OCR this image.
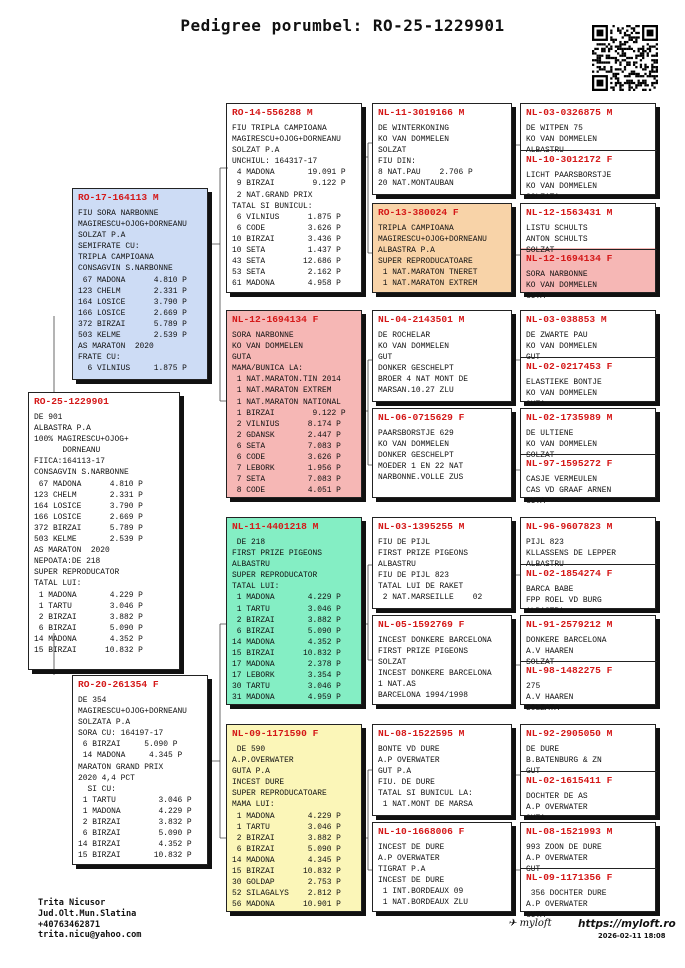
Pedigree porumbel: RO-25-1229901
RO-25-1229901
DE 901
ALBASTRA P.A
100% MAGIRESCU+OJOG+
DORNEANU
FIICA:164113-17
CONSAGVIN S.NARBONNE
67 MADONA      4.810 P
123 CHELM       2.331 P
164 LOSICE      3.790 P
166 LOSICE      2.669 P
372 BIRZAI      5.789 P
503 KELME       2.539 P
AS MARATON  2020
NEPOATA:DE 218
SUPER REPRODUCATOR
TATAL LUI:
1 MADONA       4.229 P
1 TARTU        3.046 P
2 BIRZAI       3.882 P
6 BIRZAI       5.090 P
14 MADONA       4.352 P
15 BIRZAI      10.832 P
RO-17-164113 M
FIU SORA NARBONNE
MAGIRESCU+OJOG+DORNEANU
SOLZAT P.A
SEMIFRATE CU:
TRIPLA CAMPIOANA
CONSAGVIN S.NARBONNE
67 MADONA      4.810 P
123 CHELM       2.331 P
164 LOSICE      3.790 P
166 LOSICE      2.669 P
372 BIRZAI      5.789 P
503 KELME       2.539 P
AS MARATON  2020
FRATE CU:
6 VILNIUS     1.875 P
RO-20-261354 F
DE 354
MAGIRESCU+OJOG+DORNEANU
SOLZATA P.A
SORA CU: 164197-17
6 BIRZAI     5.090 P
14 MADONA     4.345 P
MARATON GRAND PRIX
2020 4,4 PCT
SI CU:
1 TARTU         3.046 P
1 MADONA        4.229 P
2 BIRZAI        3.832 P
6 BIRZAI        5.090 P
14 BIRZAI        4.352 P
15 BIRZAI       10.832 P
RO-14-556288 M
FIU TRIPLA CAMPIOANA
MAGIRESCU+OJOG+DORNEANU
SOLZAT P.A
UNCHIUL: 164317-17
4 MADONA       19.091 P
9 BIRZAI        9.122 P
2 NAT.GRAND PRIX
TATAL SI BUNICUL:
6 VILNIUS      1.875 P
6 CODE         3.626 P
10 BIRZAI       3.436 P
10 SETA         1.437 P
43 SETA        12.686 P
53 SETA         2.162 P
61 MADONA       4.958 P
NL-12-1694134 F
SORA NARBONNE
KO VAN DOMMELEN
GUTA
MAMA/BUNICA LA:
1 NAT.MARATON.TIN 2014
1 NAT.MARATON EXTREM
1 NAT.MARATON NATIONAL
1 BIRZAI        9.122 P
2 VILNIUS      8.174 P
2 GDANSK       2.447 P
6 SETA         7.083 P
6 CODE         3.626 P
7 LEBORK       1.956 P
7 SETA         7.083 P
8 CODE         4.051 P
NL-11-4401218 M
DE 218
FIRST PRIZE PIGEONS
ALBASTRU
SUPER REPRODUCATOR
TATAL LUI:
1 MADONA       4.229 P
1 TARTU        3.046 P
2 BIRZAI       3.882 P
6 BIRZAI       5.090 P
14 MADONA       4.352 P
15 BIRZAI      10.832 P
17 MADONA       2.378 P
17 LEBORK       3.354 P
30 TARTU        3.046 P
31 MADONA       4.959 P
NL-09-1171590 F
DE 590
A.P.OVERWATER
GUTA P.A
INCEST DURE
SUPER REPRODUCATOARE
MAMA LUI:
1 MADONA       4.229 P
1 TARTU        3.046 P
2 BIRZAI       3.882 P
6 BIRZAI       5.090 P
14 MADONA       4.345 P
15 BIRZAI      10.832 P
30 GOLDAP       2.753 P
52 SILAGALYS    2.812 P
56 MADONA      10.901 P
NL-11-3019166 M
DE WINTERKONING
KO VAN DOMMELEN
SOLZAT
FIU DIN:
8 NAT.PAU    2.706 P
20 NAT.MONTAUBAN
RO-13-380024 F
TRIPLA CAMPIOANA
MAGIRESCU+OJOG+DORNEANU
ALBASTRA P.A
SUPER REPRODUCATOARE
1 NAT.MARATON TNERET
1 NAT.MARATON EXTREM
NL-04-2143501 M
DE ROCHELAR
KO VAN DOMMELEN
GUT
DONKER GESCHELPT
BROER 4 NAT MONT DE
MARSAN.10.27 ZLU
NL-06-0715629 F
PAARSBORSTJE 629
KO VAN DOMMELEN
DONKER GESCHELPT
MOEDER 1 EN 22 NAT
NARBONNE.VOLLE ZUS
NL-03-1395255 M
FIU DE PIJL
FIRST PRIZE PIGEONS
ALBASTRU
FIU DE PIJL 823
TATAL LUI DE RAKET
2 NAT.MARSEILLE    02
NL-05-1592769 F
INCEST DONKERE BARCELONA
FIRST PRIZE PIGEONS
SOLZAT
INCEST DONKERE BARCELONA
1 NAT.AS
BARCELONA 1994/1998
NL-08-1522595 M
BONTE VD DURE
A.P OVERWATER
GUT P.A
FIU. DE DURE
TATAL SI BUNICUL LA:
1 NAT.MONT DE MARSA
NL-10-1668006 F
INCEST DE DURE
A.P OVERWATER
TIGRAT P.A
INCEST DE DURE
1 INT.BORDEAUX 09
1 NAT.BORDEAUX ZLU
NL-03-0326875 M
DE WITPEN 75
KO VAN DOMMELEN
ALBASTRU
NL-10-3012172 F
LICHT PAARSBORSTJE
KO VAN DOMMELEN
SOLZATA
NL-12-1563431 M
LISTU SCHULTS
ANTON SCHULTS
SOLZAT
NL-12-1694134 F
SORA NARBONNE
KO VAN DOMMELEN
GUTA
NL-03-038853 M
DE ZWARTE PAU
KO VAN DOMMELEN
GUT
NL-02-0217453 F
ELASTIEKE BONTJE
KO VAN DOMMELEN
GUTA
NL-02-1735989 M
DE ULTIENE
KO VAN DOMMELEN
SOLZAT
NL-97-1595272 F
CASJE VERMEULEN
CAS VD GRAAF ARNEN
GUTA
NL-96-9607823 M
PIJL 823
KLLASSENS DE LEPPER
ALBASTRU
NL-02-1854274 F
BARCA BABE
FPP ROEL VD BURG
ALBASTRA
NL-91-2579212 M
DONKERE BARCELONA
A.V HAAREN
SOLZAT
NL-98-1482275 F
275
A.V HAAREN
SOLZATA
NL-92-2905050 M
DE DURE
B.BATENBURG & ZN
GUT
NL-02-1615411 F
DOCHTER DE AS
A.P OVERWATER
GUTA
NL-08-1521993 M
993 ZOON DE DURE
A.P OVERWATER
GUT
NL-09-1171356 F
356 DOCHTER DURE
A.P OVERWATER
GUTA
Trita Nicusor
Jud.Olt.Mun.Slatina
+40763462871
trita.nicu@yahoo.com
✈︎ myloft	https://myloft.ro
2026-02-11 18:08
